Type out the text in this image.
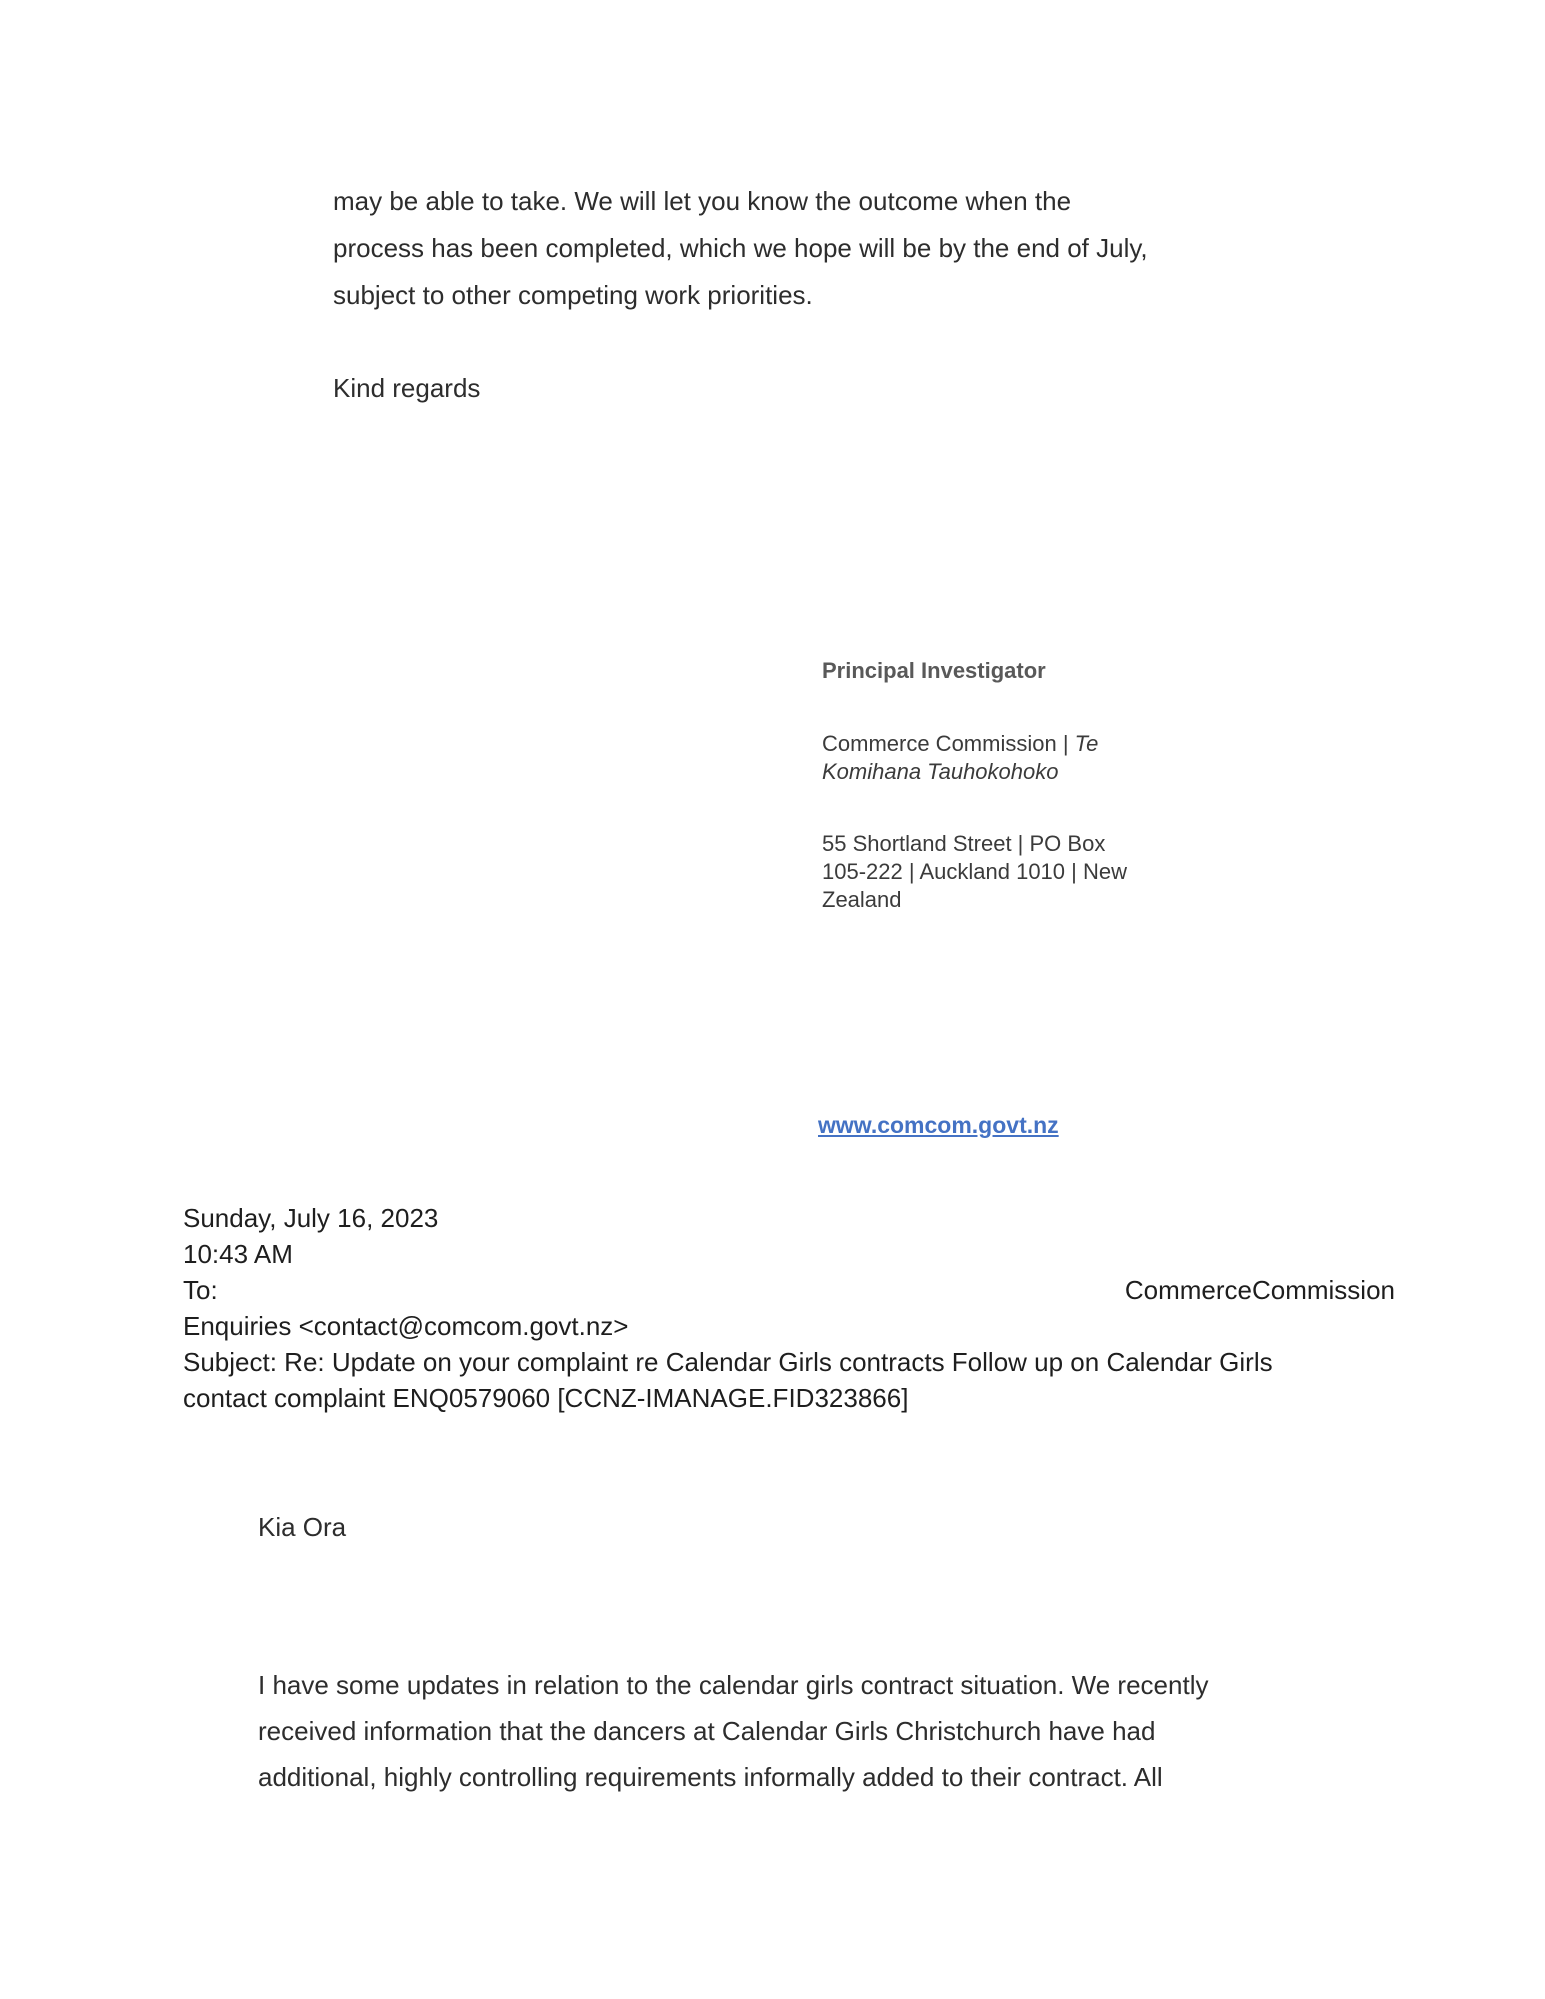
may be able to take. We will let you know the outcome when the
process has been completed, which we hope will be by the end of July,
subject to other competing work priorities.
Kind regards
Principal Investigator
Commerce Commission | Te
Komihana Tauhokohoko
55 Shortland Street | PO Box
105-222 | Auckland 1010 | New
Zealand
www.comcom.govt.nz
Sunday, July 16, 2023
10:43 AM
To:	CommerceCommission
Enquiries <contact@comcom.govt.nz>
Subject: Re: Update on your complaint re Calendar Girls contracts Follow up on Calendar Girls
contact complaint ENQ0579060 [CCNZ-IMANAGE.FID323866]
Kia Ora
I have some updates in relation to the calendar girls contract situation. We recently
received information that the dancers at Calendar Girls Christchurch have had
additional, highly controlling requirements informally added to their contract. All
